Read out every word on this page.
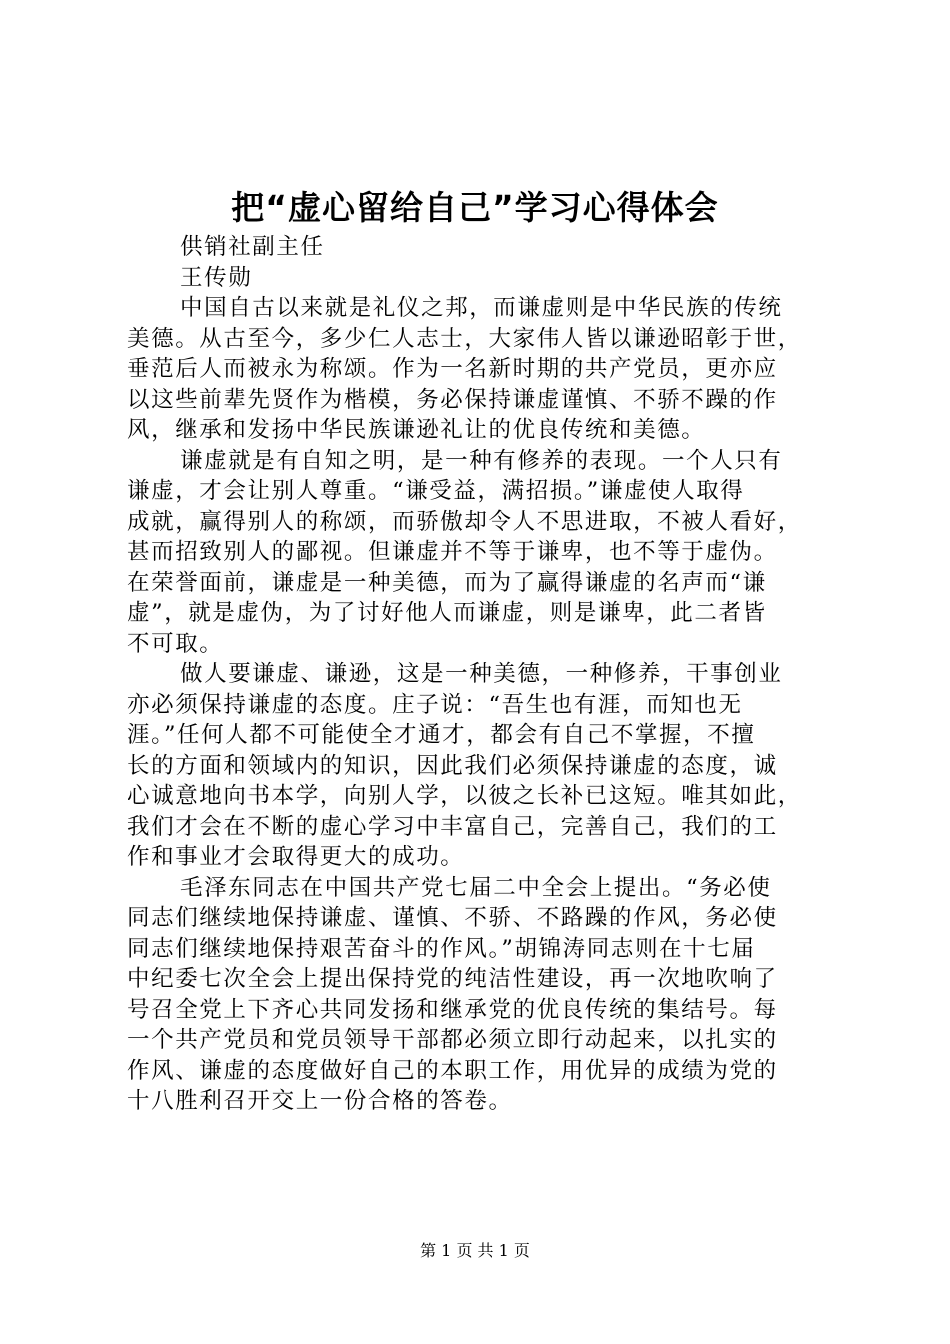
把“虚心留给自己”学习心得体会
供销社副主任
王传勋
中国自古以来就是礼仪之邦，而谦虚则是中华民族的传统
美德。从古至今，多少仁人志士，大家伟人皆以谦逊昭彰于世，
垂范后人而被永为称颂。作为一名新时期的共产党员，更亦应
以这些前辈先贤作为楷模，务必保持谦虚谨慎、不骄不躁的作
风，继承和发扬中华民族谦逊礼让的优良传统和美德。
谦虚就是有自知之明，是一种有修养的表现。一个人只有
谦虚，才会让别人尊重。“谦受益，满招损。”谦虚使人取得
成就，赢得别人的称颂，而骄傲却令人不思进取，不被人看好，
甚而招致别人的鄙视。但谦虚并不等于谦卑，也不等于虚伪。
在荣誉面前，谦虚是一种美德，而为了赢得谦虚的名声而“谦
虚”，就是虚伪，为了讨好他人而谦虚，则是谦卑，此二者皆
不可取。
做人要谦虚、谦逊，这是一种美德，一种修养，干事创业
亦必须保持谦虚的态度。庄子说：“吾生也有涯，而知也无
涯。”任何人都不可能使全才通才，都会有自己不掌握，不擅
长的方面和领域内的知识，因此我们必须保持谦虚的态度，诚
心诚意地向书本学，向别人学，以彼之长补已这短。唯其如此，
我们才会在不断的虚心学习中丰富自己，完善自己，我们的工
作和事业才会取得更大的成功。
毛泽东同志在中国共产党七届二中全会上提出。“务必使
同志们继续地保持谦虚、谨慎、不骄、不路躁的作风，务必使
同志们继续地保持艰苦奋斗的作风。”胡锦涛同志则在十七届
中纪委七次全会上提出保持党的纯洁性建设，再一次地吹响了
号召全党上下齐心共同发扬和继承党的优良传统的集结号。每
一个共产党员和党员领导干部都必须立即行动起来，以扎实的
作风、谦虚的态度做好自己的本职工作，用优异的成绩为党的
十八胜利召开交上一份合格的答卷。
第 1 页 共 1 页
